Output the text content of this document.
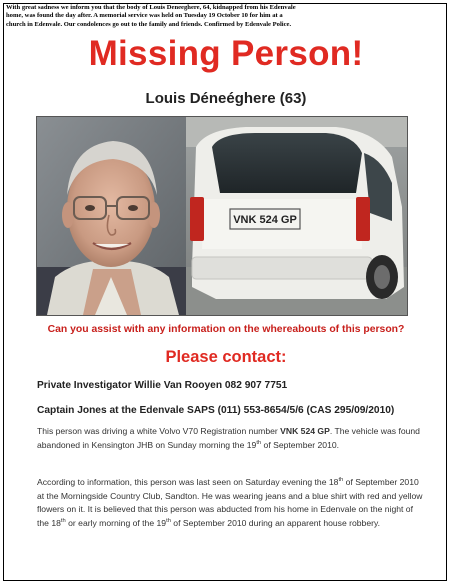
With great sadness we inform you that the body of Louis Deneeghere, 64, kidnapped from his Edenvale
home, was found the day after. A memorial service was held on Tuesday 19 October 10 for him at a
church in Edenvale. Our condolences go out to the family and friends. Confirmed by Edenvale Police.
Missing Person!
Louis Déneéghere (63)
VNK 524 GP
Can you assist with any information on the whereabouts of this person?
Please contact:
Private Investigator Willie Van Rooyen 082 907 7751
Captain Jones at the Edenvale SAPS (011) 553-8654/5/6 (CAS 295/09/2010)
This person was driving a white Volvo V70 Registration number VNK 524 GP. The vehicle was found abandoned in Kensington JHB on Sunday morning the 19th of September 2010.
According to information, this person was last seen on Saturday evening the 18th of September 2010 at the Morningside Country Club, Sandton. He was wearing jeans and a blue shirt with red and yellow flowers on it. It is believed that this person was abducted from his home in Edenvale on the night of the 18th or early morning of the 19th of September 2010 during an apparent house robbery.
